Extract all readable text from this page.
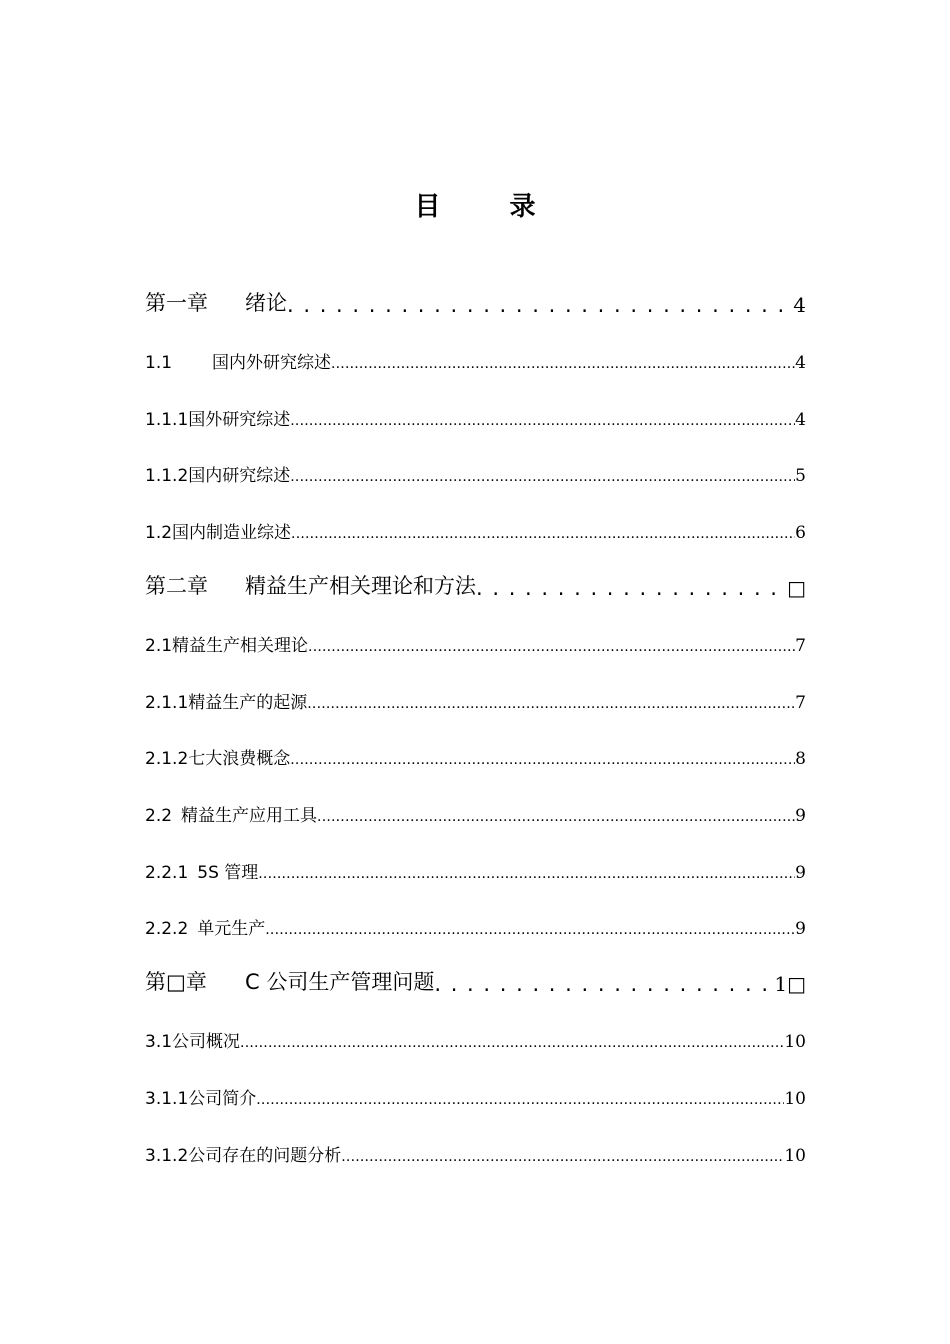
目 录
第一章	绪论 . . .	4
1.1	国内外研究综述 .....	4
1.1.1 国外研究综述 .....	4
1.1.2 国内研究综述 .....	5
1.2 国内制造业综述 .....	6
第二章	精益生产相关理论和方法 . . .	□
2.1 精益生产相关理论 .....	7
2.1.1 精益生产的起源 .....	7
2.1.2 七大浪费概念 .....	8
2.2 精益生产应用工具 .....	9
2.2.1 5S 管理 .....	9
2.2.2 单元生产 .....	9
第□章	C 公司生产管理问题 . . .	1□
3.1 公司概况 .....	10
3.1.1 公司简介 .....	10
3.1.2 公司存在的问题分析 .....	10
